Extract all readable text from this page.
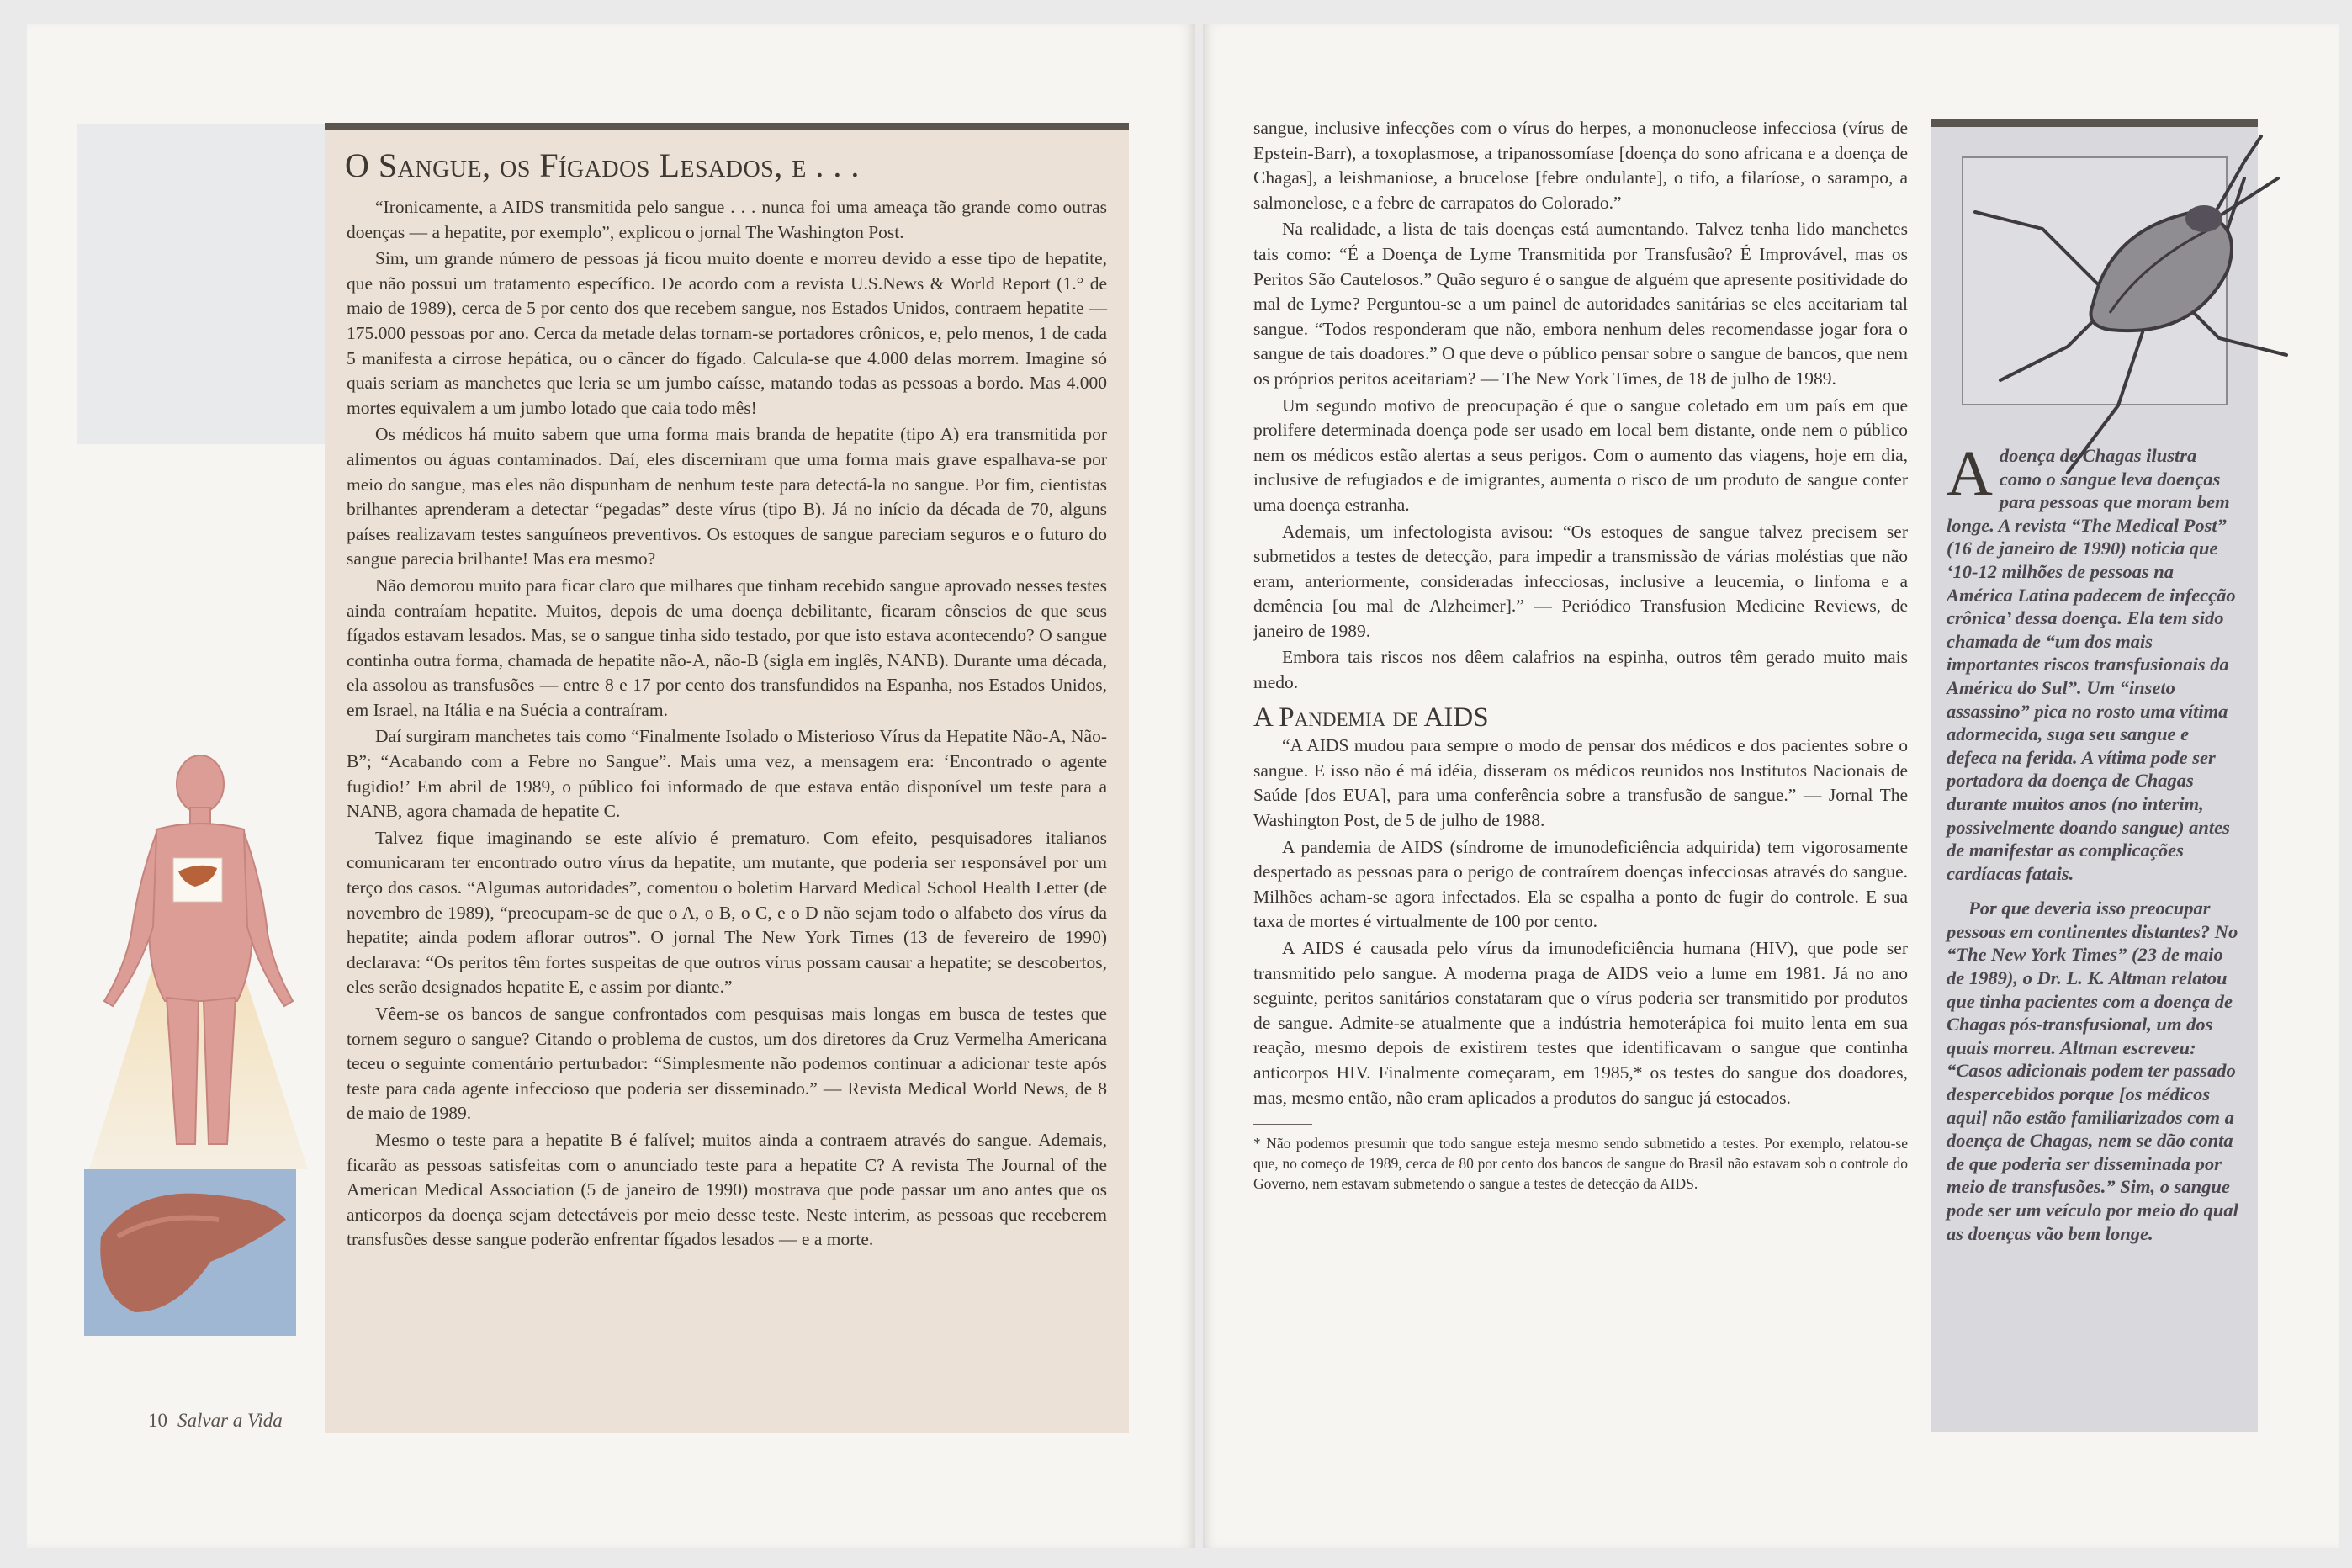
10 Salvar a Vida
O Sangue, os Fígados Lesados, e . . .

“Ironicamente, a AIDS transmitida pelo sangue . . . nunca foi uma ameaça tão grande como outras doenças — a hepatite, por exemplo”, explicou o jornal The Washington Post.

Sim, um grande número de pessoas já ficou muito doente e morreu devido a esse tipo de hepatite, que não possui um tratamento específico. De acordo com a revista U.S.News & World Report (1.° de maio de 1989), cerca de 5 por cento dos que recebem sangue, nos Estados Unidos, contraem hepatite — 175.000 pessoas por ano. Cerca da metade delas tornam-se portadores crônicos, e, pelo menos, 1 de cada 5 manifesta a cirrose hepática, ou o câncer do fígado. Calcula-se que 4.000 delas morrem. Imagine só quais seriam as manchetes que leria se um jumbo caísse, matando todas as pessoas a bordo. Mas 4.000 mortes equivalem a um jumbo lotado que caia todo mês!

Os médicos há muito sabem que uma forma mais branda de hepatite (tipo A) era transmitida por alimentos ou águas contaminados. Daí, eles discerniram que uma forma mais grave espalhava-se por meio do sangue, mas eles não dispunham de nenhum teste para detectá-la no sangue. Por fim, cientistas brilhantes aprenderam a detectar “pegadas” deste vírus (tipo B). Já no início da década de 70, alguns países realizavam testes sanguíneos preventivos. Os estoques de sangue pareciam seguros e o futuro do sangue parecia brilhante! Mas era mesmo?

Não demorou muito para ficar claro que milhares que tinham recebido sangue aprovado nesses testes ainda contraíam hepatite. Muitos, depois de uma doença debilitante, ficaram cônscios de que seus fígados estavam lesados. Mas, se o sangue tinha sido testado, por que isto estava acontecendo? O sangue continha outra forma, chamada de hepatite não-A, não-B (sigla em inglês, NANB). Durante uma década, ela assolou as transfusões — entre 8 e 17 por cento dos transfundidos na Espanha, nos Estados Unidos, em Israel, na Itália e na Suécia a contraíram.

Daí surgiram manchetes tais como “Finalmente Isolado o Misterioso Vírus da Hepatite Não-A, Não-B”; “Acabando com a Febre no Sangue”. Mais uma vez, a mensagem era: ‘Encontrado o agente fugidio!’ Em abril de 1989, o público foi informado de que estava então disponível um teste para a NANB, agora chamada de hepatite C.

Talvez fique imaginando se este alívio é prematuro. Com efeito, pesquisadores italianos comunicaram ter encontrado outro vírus da hepatite, um mutante, que poderia ser responsável por um terço dos casos. “Algumas autoridades”, comentou o boletim Harvard Medical School Health Letter (de novembro de 1989), “preocupam-se de que o A, o B, o C, e o D não sejam todo o alfabeto dos vírus da hepatite; ainda podem aflorar outros”. O jornal The New York Times (13 de fevereiro de 1990) declarava: “Os peritos têm fortes suspeitas de que outros vírus possam causar a hepatite; se descobertos, eles serão designados hepatite E, e assim por diante.”

Vêem-se os bancos de sangue confrontados com pesquisas mais longas em busca de testes que tornem seguro o sangue? Citando o problema de custos, um dos diretores da Cruz Vermelha Americana teceu o seguinte comentário perturbador: “Simplesmente não podemos continuar a adicionar teste após teste para cada agente infeccioso que poderia ser disseminado.” — Revista Medical World News, de 8 de maio de 1989.

Mesmo o teste para a hepatite B é falível; muitos ainda a contraem através do sangue. Ademais, ficarão as pessoas satisfeitas com o anunciado teste para a hepatite C? A revista The Journal of the American Medical Association (5 de janeiro de 1990) mostrava que pode passar um ano antes que os anticorpos da doença sejam detectáveis por meio desse teste. Neste interim, as pessoas que receberem transfusões desse sangue poderão enfrentar fígados lesados — e a morte.

sangue, inclusive infecções com o vírus do herpes, a mononucleose infecciosa (vírus de Epstein-Barr), a toxoplasmose, a tripanossomíase [doença do sono africana e a doença de Chagas], a leishmaniose, a brucelose [febre ondulante], o tifo, a filaríose, o sarampo, a salmonelose, e a febre de carrapatos do Colorado.”

Na realidade, a lista de tais doenças está aumentando. Talvez tenha lido manchetes tais como: “É a Doença de Lyme Transmitida por Transfusão? É Improvável, mas os Peritos São Cautelosos.” Quão seguro é o sangue de alguém que apresente positividade do mal de Lyme? Perguntou-se a um painel de autoridades sanitárias se eles aceitariam tal sangue. “Todos responderam que não, embora nenhum deles recomendasse jogar fora o sangue de tais doadores.” O que deve o público pensar sobre o sangue de bancos, que nem os próprios peritos aceitariam? — The New York Times, de 18 de julho de 1989.

Um segundo motivo de preocupação é que o sangue coletado em um país em que prolifere determinada doença pode ser usado em local bem distante, onde nem o público nem os médicos estão alertas a seus perigos. Com o aumento das viagens, hoje em dia, inclusive de refugiados e de imigrantes, aumenta o risco de um produto de sangue conter uma doença estranha.

Ademais, um infectologista avisou: “Os estoques de sangue talvez precisem ser submetidos a testes de detecção, para impedir a transmissão de várias moléstias que não eram, anteriormente, consideradas infecciosas, inclusive a leucemia, o linfoma e a demência [ou mal de Alzheimer].” — Periódico Transfusion Medicine Reviews, de janeiro de 1989.

Embora tais riscos nos dêem calafrios na espinha, outros têm gerado muito mais medo.

A Pandemia de AIDS

“A AIDS mudou para sempre o modo de pensar dos médicos e dos pacientes sobre o sangue. E isso não é má idéia, disseram os médicos reunidos nos Institutos Nacionais de Saúde [dos EUA], para uma conferência sobre a transfusão de sangue.” — Jornal The Washington Post, de 5 de julho de 1988.

A pandemia de AIDS (síndrome de imunodeficiência adquirida) tem vigorosamente despertado as pessoas para o perigo de contraírem doenças infecciosas através do sangue. Milhões acham-se agora infectados. Ela se espalha a ponto de fugir do controle. E sua taxa de mortes é virtualmente de 100 por cento.

A AIDS é causada pelo vírus da imunodeficiência humana (HIV), que pode ser transmitido pelo sangue. A moderna praga de AIDS veio a lume em 1981. Já no ano seguinte, peritos sanitários constataram que o vírus poderia ser transmitido por produtos de sangue. Admite-se atualmente que a indústria hemoterápica foi muito lenta em sua reação, mesmo depois de existirem testes que identificavam o sangue que continha anticorpos HIV. Finalmente começaram, em 1985,* os testes do sangue dos doadores, mas, mesmo então, não eram aplicados a produtos do sangue já estocados.

* Não podemos presumir que todo sangue esteja mesmo sendo submetido a testes. Por exemplo, relatou-se que, no começo de 1989, cerca de 80 por cento dos bancos de sangue do Brasil não estavam sob o controle do Governo, nem estavam submetendo o sangue a testes de detecção da AIDS.

Adoença de Chagas ilustra como o sangue leva doenças para pessoas que moram bem longe. A revista “The Medical Post” (16 de janeiro de 1990) noticia que ‘10-12 milhões de pessoas na América Latina padecem de infecção crônica’ dessa doença. Ela tem sido chamada de “um dos mais importantes riscos transfusionais da América do Sul”. Um “inseto assassino” pica no rosto uma vítima adormecida, suga seu sangue e defeca na ferida. A vítima pode ser portadora da doença de Chagas durante muitos anos (no interim, possivelmente doando sangue) antes de manifestar as complicações cardíacas fatais.

Por que deveria isso preocupar pessoas em continentes distantes? No “The New York Times” (23 de maio de 1989), o Dr. L. K. Altman relatou que tinha pacientes com a doença de Chagas pós-transfusional, um dos quais morreu. Altman escreveu: “Casos adicionais podem ter passado despercebidos porque [os médicos aqui] não estão familiarizados com a doença de Chagas, nem se dão conta de que poderia ser disseminada por meio de transfusões.” Sim, o sangue pode ser um veículo por meio do qual as doenças vão bem longe.
